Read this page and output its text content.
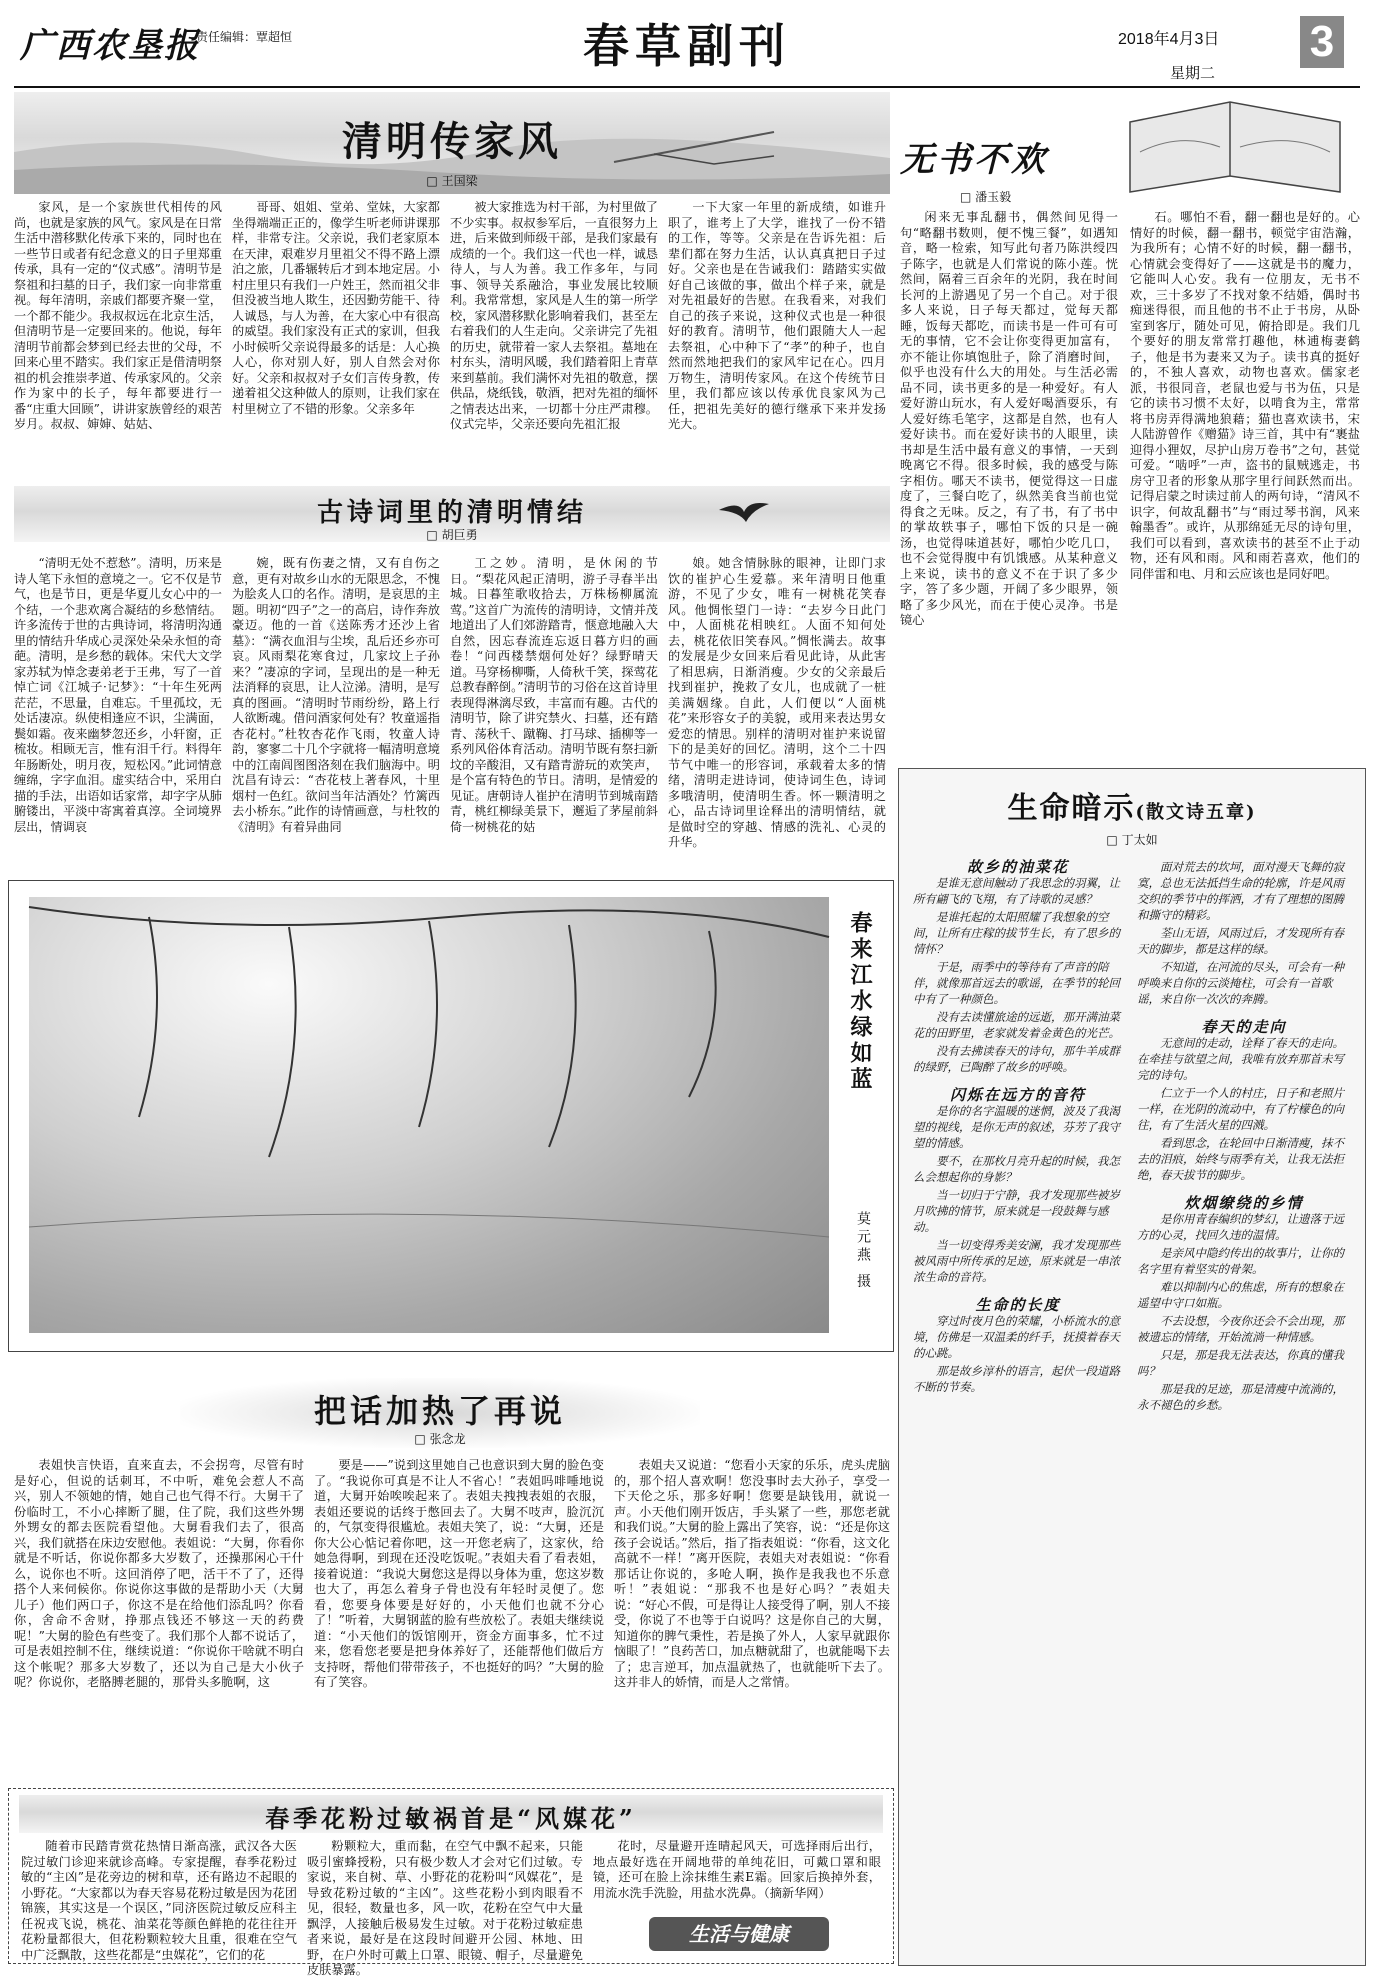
广西农垦报
责任编辑：覃超恒	春草副刊	2018年4月3日
星期二
3
清明传家风
□ 王国梁

家风，是一个家族世代相传的风尚，也就是家族的风气。家风是在日常生活中潜移默化传承下来的，同时也在一些节日或者有纪念意义的日子里郑重传承，具有一定的“仪式感”。清明节是祭祖和扫墓的日子，我们家一向非常重视。每年清明，亲戚们都要齐聚一堂，一个都不能少。我叔叔远在北京生活，但清明节是一定要回来的。他说，每年清明节前都会梦到已经去世的父母，不回来心里不踏实。我们家正是借清明祭祖的机会推崇孝道、传承家风的。父亲作为家中的长子，每年都要进行一番“庄重大回顾”，讲讲家族曾经的艰苦岁月。叔叔、婶婶、姑姑、

哥哥、姐姐、堂弟、堂妹，大家都坐得端端正正的，像学生听老师讲课那样，非常专注。父亲说，我们老家原本在天津，艰难岁月里祖父不得不路上漂泊之旅，几番辗转后才到本地定居。小村庄里只有我们一户姓王，然而祖父非但没被当地人欺生，还因勤劳能干、待人诚恳，与人为善，在大家心中有很高的威望。我们家没有正式的家训，但我小时候听父亲说得最多的话是：人心换人心，你对别人好，别人自然会对你好。父亲和叔叔对子女们言传身教，传递着祖父这种做人的原则，让我们家在村里树立了不错的形象。父亲多年

被大家推选为村干部，为村里做了不少实事。叔叔参军后，一直很努力上进，后来做到师级干部，是我们家最有成绩的一个。我们这一代也一样，诚恳待人，与人为善。我工作多年，与同事、领导关系融洽，事业发展比较顺利。我常常想，家风是人生的第一所学校，家风潜移默化影响着我们，甚至左右着我们的人生走向。父亲讲完了先祖的历史，就带着一家人去祭祖。墓地在村东头，清明风暖，我们踏着阳上青草来到墓前。我们满怀对先祖的敬意，摆供品，烧纸钱，敬酒，把对先祖的缅怀之情表达出来，一切都十分庄严肃穆。仪式完毕，父亲还要向先祖汇报

一下大家一年里的新成绩，如谁升职了，谁考上了大学，谁找了一份不错的工作，等等。父亲是在告诉先祖：后辈们都在努力生活，认认真真把日子过好。父亲也是在告诫我们：踏踏实实做好自己该做的事，做出个样子来，就是对先祖最好的告慰。在我看来，对我们自己的孩子来说，这种仪式也是一种很好的教育。清明节，他们跟随大人一起去祭祖，心中种下了“孝”的种子，也自然而然地把我们的家风牢记在心。四月万物生，清明传家风。在这个传统节日里，我们都应该以传承优良家风为己任，把祖先美好的德行继承下来并发扬光大。

无书不欢
□ 潘玉毅

闲来无事乱翻书，偶然间见得一句“略翻书数则，便不愧三餐”，如遇知音，略一检索，知写此句者乃陈洪绶四子陈字，也就是人们常说的陈小莲。恍然间，隔着三百余年的光阴，我在时间长河的上游遇见了另一个自己。对于很多人来说，日子每天都过，觉每天都睡，饭每天都吃，而读书是一件可有可无的事情，它不会让你变得更加富有，亦不能让你填饱肚子，除了消磨时间，似乎也没有什么大的用处。与生活必需品不同，读书更多的是一种爱好。有人爱好游山玩水，有人爱好喝酒耍乐，有人爱好练毛笔字，这都是自然，也有人爱好读书。而在爱好读书的人眼里，读书却是生活中最有意义的事情，一天到晚离它不得。很多时候，我的感受与陈字相仿。哪天不读书，便觉得这一日虚度了，三餐白吃了，纵然美食当前也觉得食之无味。反之，有了书，有了书中的掌故轶事子，哪怕下饭的只是一碗汤，也觉得味道甚好，哪怕少吃几口，也不会觉得腹中有饥饿感。从某种意义上来说，读书的意义不在于识了多少字，答了多少题，开阔了多少眼界，领略了多少风光，而在于使心灵净。书是镜心

石。哪怕不看，翻一翻也是好的。心情好的时候，翻一翻书，顿觉宇宙浩瀚，为我所有；心情不好的时候，翻一翻书，心情就会变得好了——这就是书的魔力，它能叫人心安。我有一位朋友，无书不欢，三十多岁了不找对象不结婚，偶时书痴迷得很，而且他的书不止于书房，从卧室到客厅，随处可见，俯拾即是。我们几个要好的朋友常常打趣他，林逋梅妻鹤子，他是书为妻来又为子。读书真的挺好的，不独人喜欢，动物也喜欢。儒家老派，书很同音，老鼠也爱与书为伍，只是它的读书习惯不太好，以啃食为主，常常将书房弄得满地狼藉；猫也喜欢读书，宋人陆游曾作《赠猫》诗三首，其中有“裹盐迎得小狸奴，尽护山房万卷书”之句，甚觉可爱。“啮呼”一声，盗书的鼠贼逃走，书房守卫者的形象从那字里行间跃然而出。记得启蒙之时读过前人的两句诗，“清风不识字，何故乱翻书”与“雨过琴书润，风来翰墨香”。或许，从那绵延无尽的诗句里，我们可以看到，喜欢读书的甚至不止于动物，还有风和雨。风和雨若喜欢，他们的同伴雷和电、月和云应该也是同好吧。

古诗词里的清明情结
□ 胡巨勇

“清明无处不惹愁”。清明，历来是诗人笔下永恒的意境之一。它不仅是节气，也是节日，更是华夏儿女心中的一个结，一个悲欢离合凝结的乡愁情结。许多流传于世的古典诗词，将清明沟通里的情结升华成心灵深处朵朵永恒的奇葩。清明，是乡愁的载体。宋代大文学家苏轼为悼念妻弟老于王弗，写了一首悼亡词《江城子·记梦》：“十年生死两茫茫，不思量，自难忘。千里孤坟，无处话凄凉。纵使相逢应不识，尘满面，鬓如霜。夜来幽梦忽还乡，小轩窗，正梳妆。相顾无言，惟有泪千行。料得年年肠断处，明月夜，短松冈。”此词情意缠绵，字字血泪。虚实结合中，采用白描的手法，出语如话家常，却字字从肺腑镂出，平淡中寄寓着真淳。全词境界层出，情调哀

婉，既有伤妻之情，又有自伤之意，更有对故乡山水的无限思念，不愧为脍炙人口的名作。清明，是哀思的主题。明初“四子”之一的高启，诗作奔放豪迈。他的一首《送陈秀才还沙上省墓》：“满衣血泪与尘埃，乱后还乡亦可哀。风雨梨花寒食过，几家坟上子孙来？”凄凉的字词，呈现出的是一种无法消释的哀思，让人泣涕。清明，是写真的图画。“清明时节雨纷纷，路上行人欲断魂。借问酒家何处有？牧童遥指杏花村。”杜牧杏花作飞雨，牧童人诗韵，寥寥二十几个字就将一幅清明意境中的江南闾图图洛刻在我们脑海中。明沈昌有诗云：“杏花枝上著春风，十里烟村一色红。欲问当年沽酒处？竹篱西去小桥东。”此作的诗情画意，与杜牧的《清明》有着异曲同

工之妙。清明，是休闲的节日。“梨花风起正清明，游子寻春半出城。日暮笙歌收拾去，万株杨柳属流莺。”这首广为流传的清明诗，文情并茂地道出了人们郊游踏青，惬意地融入大自然，因忘春流连忘返日暮方归的画卷！“问西楼禁烟何处好？绿野晴天道。马穿杨柳嘶，人倚秋千笑，探莺花总教春醉倒。”清明节的习俗在这首诗里表现得淋漓尽致，丰富而有趣。古代的清明节，除了讲究禁火、扫墓，还有踏青、荡秋千、蹴鞠、打马球、插柳等一系列风俗体育活动。清明节既有祭扫新坟的辛酸泪，又有踏青游玩的欢笑声，是个富有特色的节日。清明，是情爱的见证。唐朝诗人崔护在清明节到城南踏青，桃红柳绿美景下，邂逅了茅屋前斜倚一树桃花的姑

娘。她含情脉脉的眼神，让即门求饮的崔护心生爱慕。来年清明日他重游，不见了少女，唯有一树桃花笑春风。他惆怅望门一诗：“去岁今日此门中，人面桃花相映红。人面不知何处去，桃花依旧笑春风。”惆怅满去。故事的发展是少女回来后看见此诗，从此害了相思病，日渐消瘦。少女的父亲最后找到崔护，挽救了女儿，也成就了一桩美满姻缘。自此，人们便以“人面桃花”来形容女子的美貌，或用来表达男女爱恋的情思。别样的清明对崔护来说留下的是美好的回忆。清明，这个二十四节气中唯一的形容词，承载着太多的情绪，清明走进诗词，使诗词生色，诗词多哦清明，使清明生香。怀一颗清明之心，品古诗词里诠释出的清明情结，就是做时空的穿越、情感的洗礼、心灵的升华。

春来江水绿如蓝
莫元燕 摄
生命暗示(散文诗五章)
□ 丁太如
故乡的油菜花

是谁无意间触动了我思念的羽翼，让所有翩飞的飞翔，有了诗歌的灵感？

是谁托起的太阳照耀了我想象的空间，让所有庄稼的拔节生长，有了思乡的情怀？

于是，雨季中的等待有了声音的陪伴，就像那首远去的歌谣，在季节的轮回中有了一种颜色。

没有去读懂旅途的远逝，那开满油菜花的田野里，老家就发着金黄色的光芒。

没有去拂读春天的诗句，那牛羊成群的绿野，已陶醉了故乡的呼唤。

闪烁在远方的音符

是你的名字温暖的迷惘，波及了我渴望的视线，是你无声的叙述，芬芳了我守望的情感。

要不，在那枚月亮升起的时候，我怎么会想起你的身影？

当一切归于宁静，我才发现那些被岁月吹拂的情节，原来就是一段鼓舞与感动。

当一切变得秀美安澜，我才发现那些被风雨中所传承的足迹，原来就是一串浓浓生命的音符。

生命的长度

穿过时夜月色的荣耀，小桥流水的意境，仿佛是一双温柔的纤手，抚摸着春天的心跳。

那是故乡淳朴的语言，起伏一段道路不断的节奏。

面对荒去的坎坷，面对漫天飞舞的寂寞，总也无法抵挡生命的轮廓，许是风雨交织的季节中的挥洒，才有了理想的图腾和撕守的精彩。

荃山无语，风雨过后，才发现所有春天的脚步，都是这样的绿。

不知道，在河流的尽头，可会有一种呼唤来自你的云淡掩柱，可会有一首歌谣，来自你一次次的奔腾。

春天的走向

无意间的走动，诠释了春天的走向。在牵挂与欲望之间，我唯有放弃那首未写完的诗句。

仁立于一个人的村庄，日子和老照片一样，在光阴的流动中，有了柠檬色的向往，有了生活火星的四溅。

看到思念，在轮回中日渐清瘦，抹不去的泪痕，始终与雨季有关，让我无法拒绝，春天拔节的脚步。

炊烟缭绕的乡情

是你用青春编织的梦幻，让遗落于远方的心灵，找回久违的温情。

是亲风中隐约传出的故事片，让你的名字里有着坚实的骨架。

难以抑制内心的焦虑，所有的想象在遥望中守口如瓶。

不去设想，今夜你还会不会出现，那被遗忘的情绪，开始流淌一种情感。

只是，那是我无法表达，你真的懂我吗？

那是我的足迹，那是清瘦中流淌的，永不褪色的乡愁。

把话加热了再说
□ 张念龙

表姐快言快语，直来直去，不会拐弯，尽管有时是好心，但说的话刺耳，不中听，难免会惹人不高兴，别人不领她的情，她自己也气得不行。大舅干了份临时工，不小心摔断了腿，住了院，我们这些外甥外甥女的都去医院看望他。大舅看我们去了，很高兴，我们就搭在床边安慰他。表姐说：“大舅，你看你就是不听话，你说你都多大岁数了，还操那闲心干什么，说你也不听。这回消停了吧，活干不了了，还得搭个人来伺候你。你说你这事做的是帮助小天（大舅儿子）他们两口子，你这不是在给他们添乱吗？你看你，舍命不舍财，挣那点钱还不够这一天的药费呢！”大舅的脸色有些变了。我们那个人都不说话了，可是表姐控制不住，继续说道：“你说你干啥就不明白这个帐呢？那多大岁数了，还以为自己是大小伙子呢？你说你，老胳膊老腿的，那骨头多脆啊，这

要是——”说到这里她自己也意识到大舅的脸色变了。“我说你可真是不让人不省心！”表姐吗啡唾地说道，大舅开始唉唉起来了。表姐夫拽拽表姐的衣服，表姐还要说的话终于憋回去了。大舅不吱声，脸沉沉的，气氛变得很尴尬。表姐夫笑了，说：“大舅，还是你大公心惦记着你吧，这一开您老病了，这家伙，给她急得啊，到现在还没吃饭呢。”表姐夫看了看表姐，接着说道：“我说大舅您这是得以身体为重，您这岁数也大了，再怎么着身子骨也没有年轻时灵便了。您看，您要身体要是好好的，小天他们也就不分心了！”听着，大舅钢蓝的脸有些放松了。表姐夫继续说道：“小天他们的饭馆刚开，资金方面事多，忙不过来，您看您老要是把身体养好了，还能帮他们做后方支持呀，帮他们带带孩子，不也挺好的吗？”大舅的脸有了笑容。

表姐夫又说道：“您看小天家的乐乐，虎头虎脑的，那个招人喜欢啊！您没事时去大孙子，享受一下天伦之乐，那多好啊！您要是缺钱用，就说一声。小天他们刚开饭店，手头紧了一些，那您老就和我们说。”大舅的脸上露出了笑容，说：“还是你这孩子会说话。”然后，指了指表姐说：“你看，这文化高就不一样！”离开医院，表姐夫对表姐说：“你看那话让你说的，多呛人啊，换作是我我也不乐意听！”表姐说：“那我不也是好心吗？”表姐夫说：“好心不假，可是得让人接受得了啊，别人不接受，你说了不也等于白说吗？这是你自己的大舅，知道你的脾气秉性，若是换了外人，人家早就跟你恼眼了！”良药苦口，加点糖就甜了，也就能喝下去了；忠言逆耳，加点温就热了，也就能听下去了。这并非人的娇情，而是人之常情。

春季花粉过敏祸首是“风媒花”

随着市民踏青赏花热情日渐高涨，武汉各大医院过敏门诊迎来就诊高峰。专家提醒，春季花粉过敏的“主凶”是花旁边的树和草，还有路边不起眼的小野花。“大家都以为春天容易花粉过敏是因为花团锦簇，其实这是一个误区，”同济医院过敏反应科主任祝戎飞说，桃花、油菜花等颜色鲜艳的花往往开花粉量都很大，但花粉颗粒较大且重，很难在空气中广泛飘散，这些花都是“虫媒花”，它们的花

粉颗粒大，重而黏，在空气中飘不起来，只能吸引蜜蜂授粉，只有极少数人才会对它们过敏。专家说，来自树、草、小野花的花粉叫“风媒花”，是导致花粉过敏的“主凶”。这些花粉小到肉眼看不见，很轻，数量也多，风一吹，花粉在空气中大量飘浮，人接触后极易发生过敏。对于花粉过敏症患者来说，最好是在这段时间避开公园、林地、田野，在户外时可戴上口罩、眼镜、帽子，尽量避免皮肤暴露。

花时，尽量避开连晴起风天，可选择雨后出行，地点最好选在开阔地带的单纯花旧，可戴口罩和眼镜，还可在脸上涂抹维生素E霜。回家后换掉外套，用流水洗手洗脸，用盐水洗鼻。（摘新华网）

生活与健康
